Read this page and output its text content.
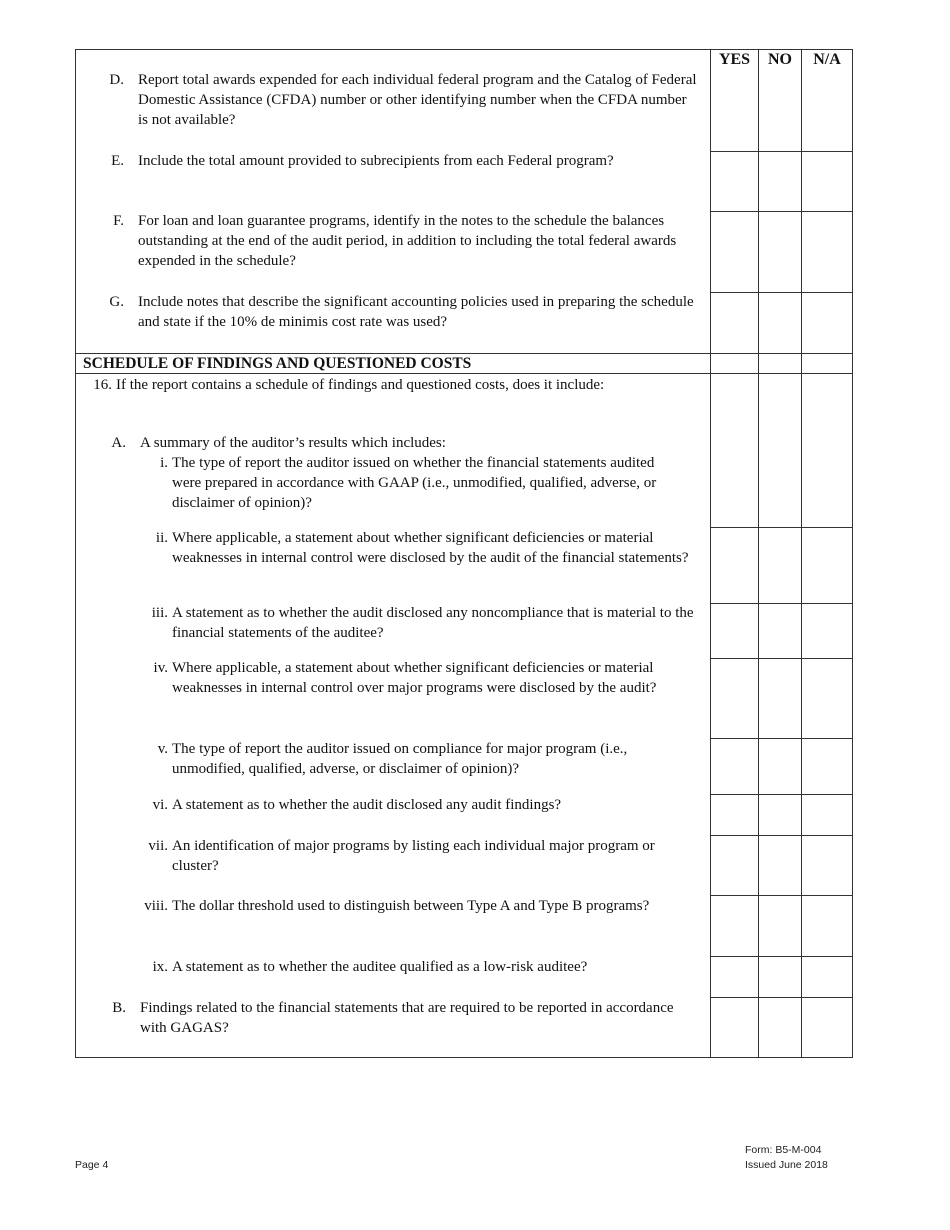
YES	NO	N/A
D. Report total awards expended for each individual federal program and the Catalog of Federal Domestic Assistance (CFDA) number or other identifying number when the CFDA number is not available?
E. Include the total amount provided to subrecipients from each Federal program?
F. For loan and loan guarantee programs, identify in the notes to the schedule the balances outstanding at the end of the audit period, in addition to including the total federal awards expended in the schedule?
G. Include notes that describe the significant accounting policies used in preparing the schedule and state if the 10% de minimis cost rate was used?
SCHEDULE OF FINDINGS AND QUESTIONED COSTS
16. If the report contains a schedule of findings and questioned costs, does it include:
A. A summary of the auditor’s results which includes:
i. The type of report the auditor issued on whether the financial statements audited were prepared in accordance with GAAP (i.e., unmodified, qualified, adverse, or disclaimer of opinion)?
ii. Where applicable, a statement about whether significant deficiencies or material weaknesses in internal control were disclosed by the audit of the financial statements?
iii. A statement as to whether the audit disclosed any noncompliance that is material to the financial statements of the auditee?
iv. Where applicable, a statement about whether significant deficiencies or material weaknesses in internal control over major programs were disclosed by the audit?
v. The type of report the auditor issued on compliance for major program (i.e., unmodified, qualified, adverse, or disclaimer of opinion)?
vi. A statement as to whether the audit disclosed any audit findings?
vii. An identification of major programs by listing each individual major program or cluster?
viii. The dollar threshold used to distinguish between Type A and Type B programs?
ix. A statement as to whether the auditee qualified as a low-risk auditee?
B. Findings related to the financial statements that are required to be reported in accordance with GAGAS?
Page 4
Form: B5-M-004
Issued June 2018
